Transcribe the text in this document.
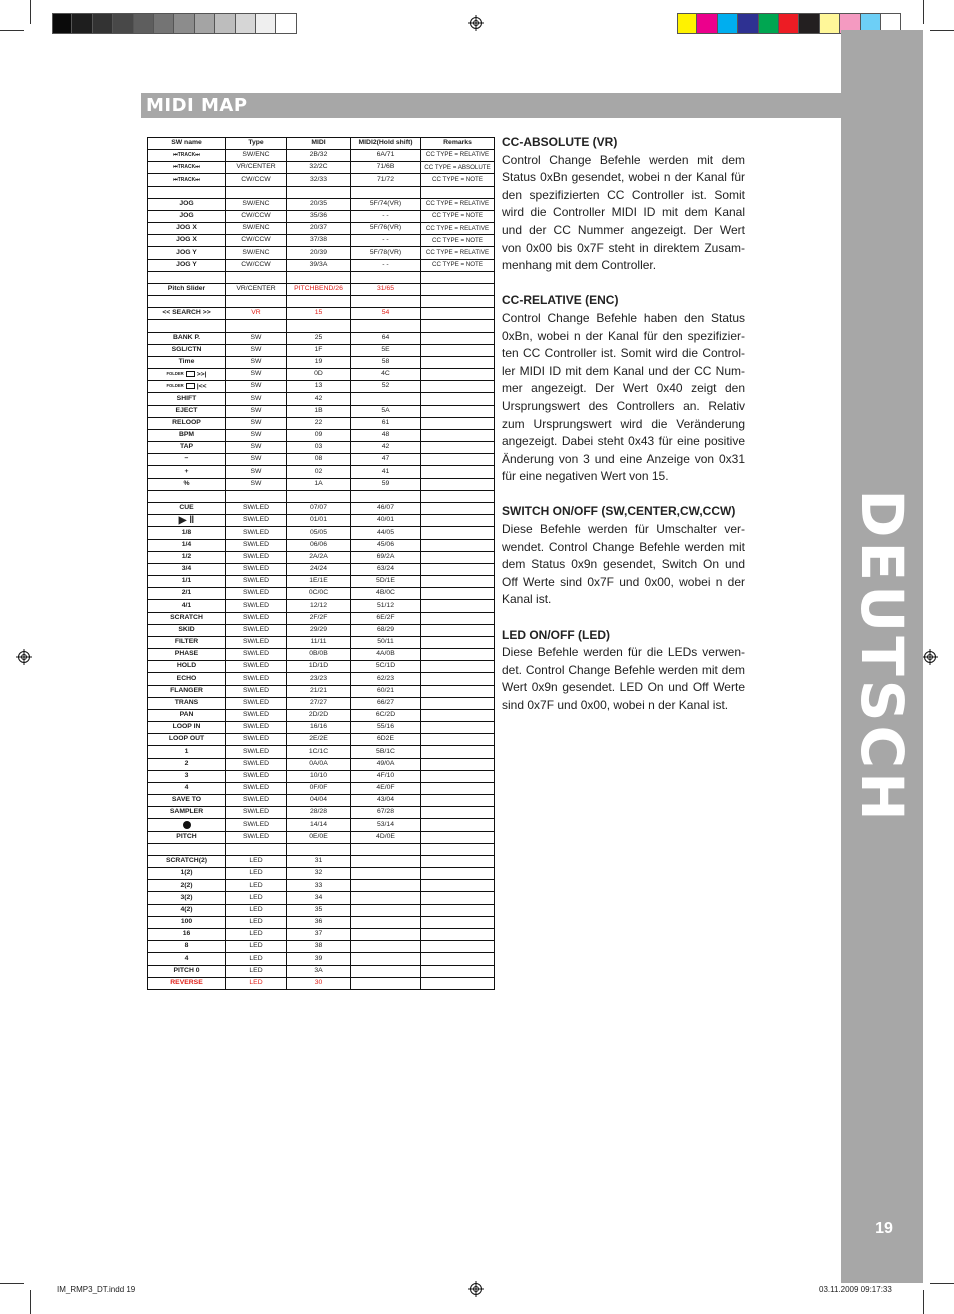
DEUTSCH
19
MIDI MAP
SW name	Type	MIDI	MIDI2(Hold shift)	Remarks
⏮TRACK⏭	SW/ENC	2B/32	6A/71	CC TYPE = RELATIVE
⏮TRACK⏭	VR/CENTER	32/2C	71/6B	CC TYPE = ABSOLUTE
⏮TRACK⏭	CW/CCW	32/33	71/72	CC TYPE = NOTE

JOG	SW/ENC	20/35	5F/74(VR)	CC TYPE = RELATIVE
JOG	CW/CCW	35/36	- -	CC TYPE = NOTE
JOG X	SW/ENC	20/37	5F/76(VR)	CC TYPE = RELATIVE
JOG X	CW/CCW	37/38	- -	CC TYPE = NOTE
JOG Y	SW/ENC	20/39	5F/78(VR)	CC TYPE = RELATIVE
JOG Y	CW/CCW	39/3A	- -	CC TYPE = NOTE

Pitch Slider	VR/CENTER	PITCHBEND/26	31/65	

<< SEARCH >>	VR	15	54	

BANK P.	SW	25	64	
SGL/CTN	SW	1F	5E	
Time	SW	19	58	
FOLDER >>|	SW	0D	4C	
FOLDER |<<	SW	13	52	
SHIFT	SW	42		
EJECT	SW	1B	5A	
RELOOP	SW	22	61	
BPM	SW	09	48	
TAP	SW	03	42	
−	SW	08	47	
+	SW	02	41	
%	SW	1A	59	

CUE	SW/LED	07/07	46/07	
▶ ‖	SW/LED	01/01	40/01	
1/8	SW/LED	05/05	44/05	
1/4	SW/LED	06/06	45/06	
1/2	SW/LED	2A/2A	69/2A	
3/4	SW/LED	24/24	63/24	
1/1	SW/LED	1E/1E	5D/1E	
2/1	SW/LED	0C/0C	4B/0C	
4/1	SW/LED	12/12	51/12	
SCRATCH	SW/LED	2F/2F	6E/2F	
SKID	SW/LED	29/29	68/29	
FILTER	SW/LED	11/11	50/11	
PHASE	SW/LED	0B/0B	4A/0B	
HOLD	SW/LED	1D/1D	5C/1D	
ECHO	SW/LED	23/23	62/23	
FLANGER	SW/LED	21/21	60/21	
TRANS	SW/LED	27/27	66/27	
PAN	SW/LED	2D/2D	6C/2D	
LOOP IN	SW/LED	16/16	55/16	
LOOP OUT	SW/LED	2E/2E	6D2E	
1	SW/LED	1C/1C	5B/1C	
2	SW/LED	0A/0A	49/0A	
3	SW/LED	10/10	4F/10	
4	SW/LED	0F/0F	4E/0F	
SAVE TO	SW/LED	04/04	43/04	
SAMPLER	SW/LED	28/28	67/28	
	SW/LED	14/14	53/14	
PITCH	SW/LED	0E/0E	4D/0E	

SCRATCH(2)	LED	31		
1(2)	LED	32		
2(2)	LED	33		
3(2)	LED	34		
4(2)	LED	35		
100	LED	36		
16	LED	37		
8	LED	38		
4	LED	39		
PITCH 0	LED	3A		
REVERSE	LED	30		
CC-ABSOLUTE (VR)

Control Change Befehle werden mit dem Status 0xBn gesendet, wobei n der Kanal für den spezifizierten CC Controller ist. Somit wird die Controller MIDI ID mit dem Kanal und der CC Nummer angezeigt. Der Wert von 0x00 bis 0x7F steht in direktem Zusammenhang mit dem Controller.

CC-RELATIVE (ENC)

Control Change Befehle haben den Status 0xBn, wobei n der Kanal für den spezifizierten CC Controller ist. Somit wird die Controller MIDI ID mit dem Kanal und der CC Nummer angezeigt. Der Wert 0x40 zeigt den Ursprungswert des Controllers an. Relativ zum Ursprungswert wird die Veränderung angezeigt. Dabei steht 0x43 für eine positive Änderung von 3 und eine Anzeige von 0x31 für eine negativen Wert von 15.

SWITCH ON/OFF (SW,CENTER,CW,CCW)

Diese Befehle werden für Umschalter verwendet. Control Change Befehle werden mit dem Status 0x9n gesendet, Switch On und Off Werte sind 0x7F und 0x00, wobei n der Kanal ist.

LED ON/OFF (LED)

Diese Befehle werden für die LEDs verwendet. Control Change Befehle werden mit dem Wert 0x9n gesendet. LED On und Off Werte sind 0x7F und 0x00, wobei n der Kanal ist.

IM_RMP3_DT.indd 19	03.11.2009 09:17:33
